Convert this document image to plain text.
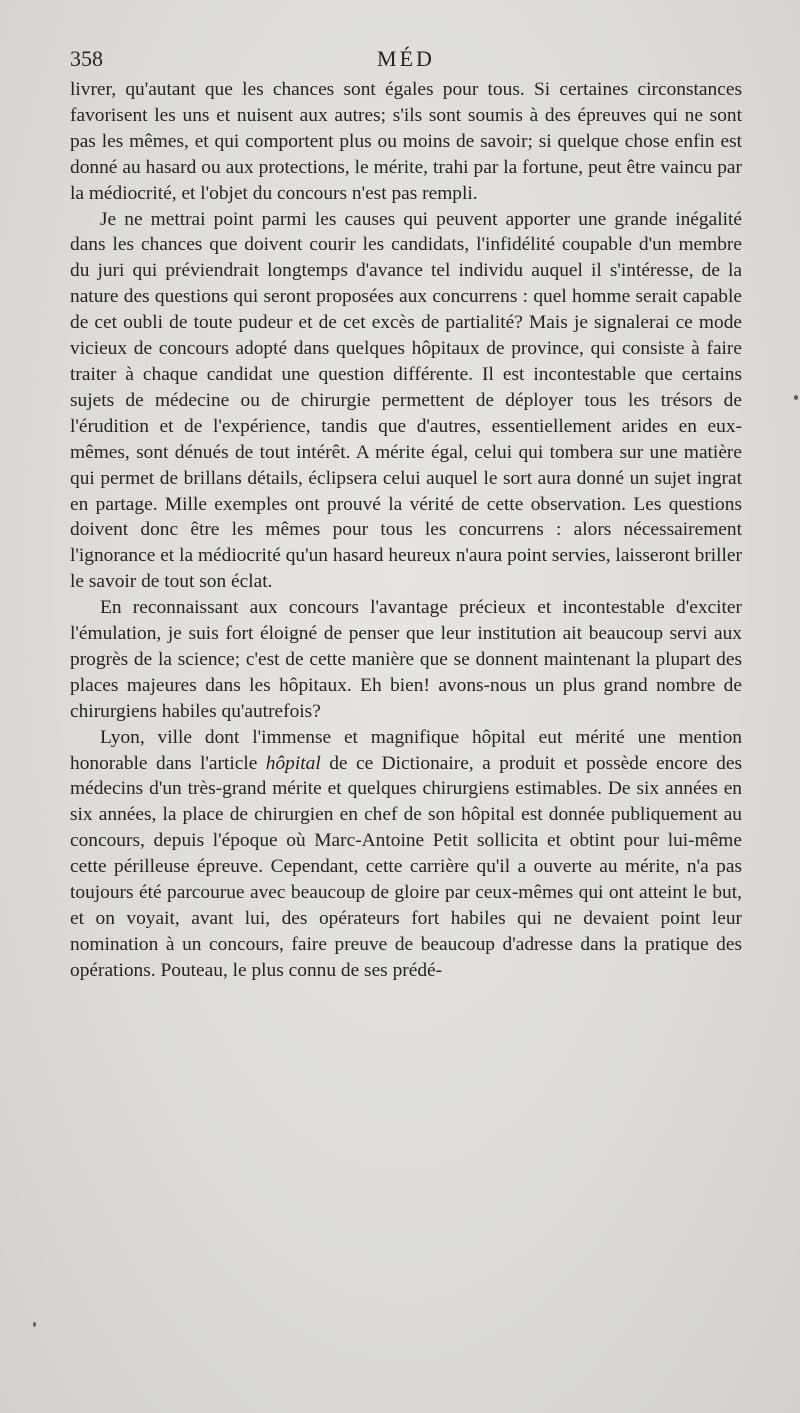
358	MÉD

livrer, qu'autant que les chances sont égales pour tous. Si certaines circonstances favorisent les uns et nuisent aux autres; s'ils sont soumis à des épreuves qui ne sont pas les mêmes, et qui comportent plus ou moins de savoir; si quelque chose enfin est donné au hasard ou aux protections, le mérite, trahi par la fortune, peut être vaincu par la médiocrité, et l'objet du concours n'est pas rempli.

Je ne mettrai point parmi les causes qui peuvent apporter une grande inégalité dans les chances que doivent courir les candidats, l'infidélité coupable d'un membre du juri qui préviendrait longtemps d'avance tel individu auquel il s'intéresse, de la nature des questions qui seront proposées aux concurrens : quel homme serait capable de cet oubli de toute pudeur et de cet excès de partialité? Mais je signalerai ce mode vicieux de concours adopté dans quelques hôpitaux de province, qui consiste à faire traiter à chaque candidat une question différente. Il est incontestable que certains sujets de médecine ou de chirurgie permettent de déployer tous les trésors de l'érudition et de l'expérience, tandis que d'autres, essentiellement arides en eux-mêmes, sont dénués de tout intérêt. A mérite égal, celui qui tombera sur une matière qui permet de brillans détails, éclipsera celui auquel le sort aura donné un sujet ingrat en partage. Mille exemples ont prouvé la vérité de cette observation. Les questions doivent donc être les mêmes pour tous les concurrens : alors nécessairement l'ignorance et la médiocrité qu'un hasard heureux n'aura point servies, laisseront briller le savoir de tout son éclat.

En reconnaissant aux concours l'avantage précieux et incontestable d'exciter l'émulation, je suis fort éloigné de penser que leur institution ait beaucoup servi aux progrès de la science; c'est de cette manière que se donnent maintenant la plupart des places majeures dans les hôpitaux. Eh bien! avons-nous un plus grand nombre de chirurgiens habiles qu'autrefois?

Lyon, ville dont l'immense et magnifique hôpital eut mérité une mention honorable dans l'article hôpital de ce Dictionaire, a produit et possède encore des médecins d'un très-grand mérite et quelques chirurgiens estimables. De six années en six années, la place de chirurgien en chef de son hôpital est donnée publiquement au concours, depuis l'époque où Marc-Antoine Petit sollicita et obtint pour lui-même cette périlleuse épreuve. Cependant, cette carrière qu'il a ouverte au mérite, n'a pas toujours été parcourue avec beaucoup de gloire par ceux-mêmes qui ont atteint le but, et on voyait, avant lui, des opérateurs fort habiles qui ne devaient point leur nomination à un concours, faire preuve de beaucoup d'adresse dans la pratique des opérations. Pouteau, le plus connu de ses prédé-
